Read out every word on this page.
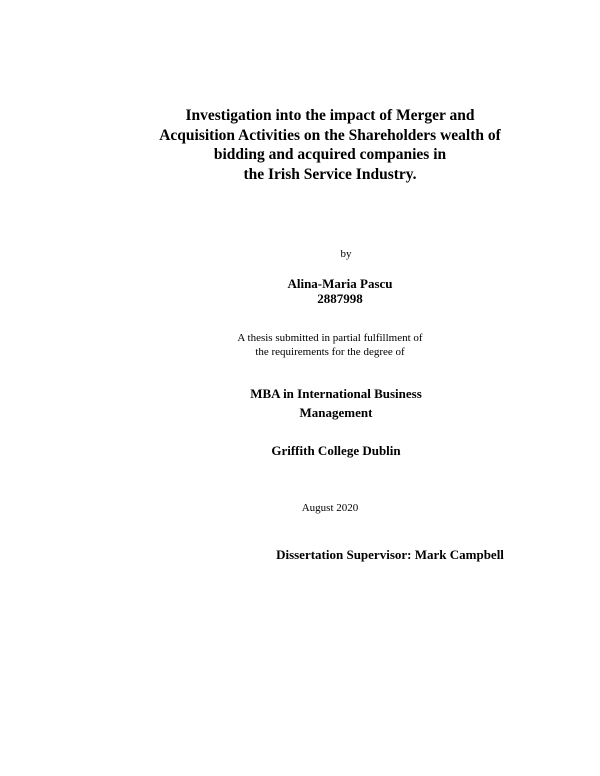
Investigation into the impact of Merger and
Acquisition Activities on the Shareholders wealth of
bidding and acquired companies in
the Irish Service Industry.
by
Alina-Maria Pascu
2887998
A thesis submitted in partial fulfillment of
the requirements for the degree of
MBA in International Business
Management
Griffith College Dublin
August 2020
Dissertation Supervisor: Mark Campbell
